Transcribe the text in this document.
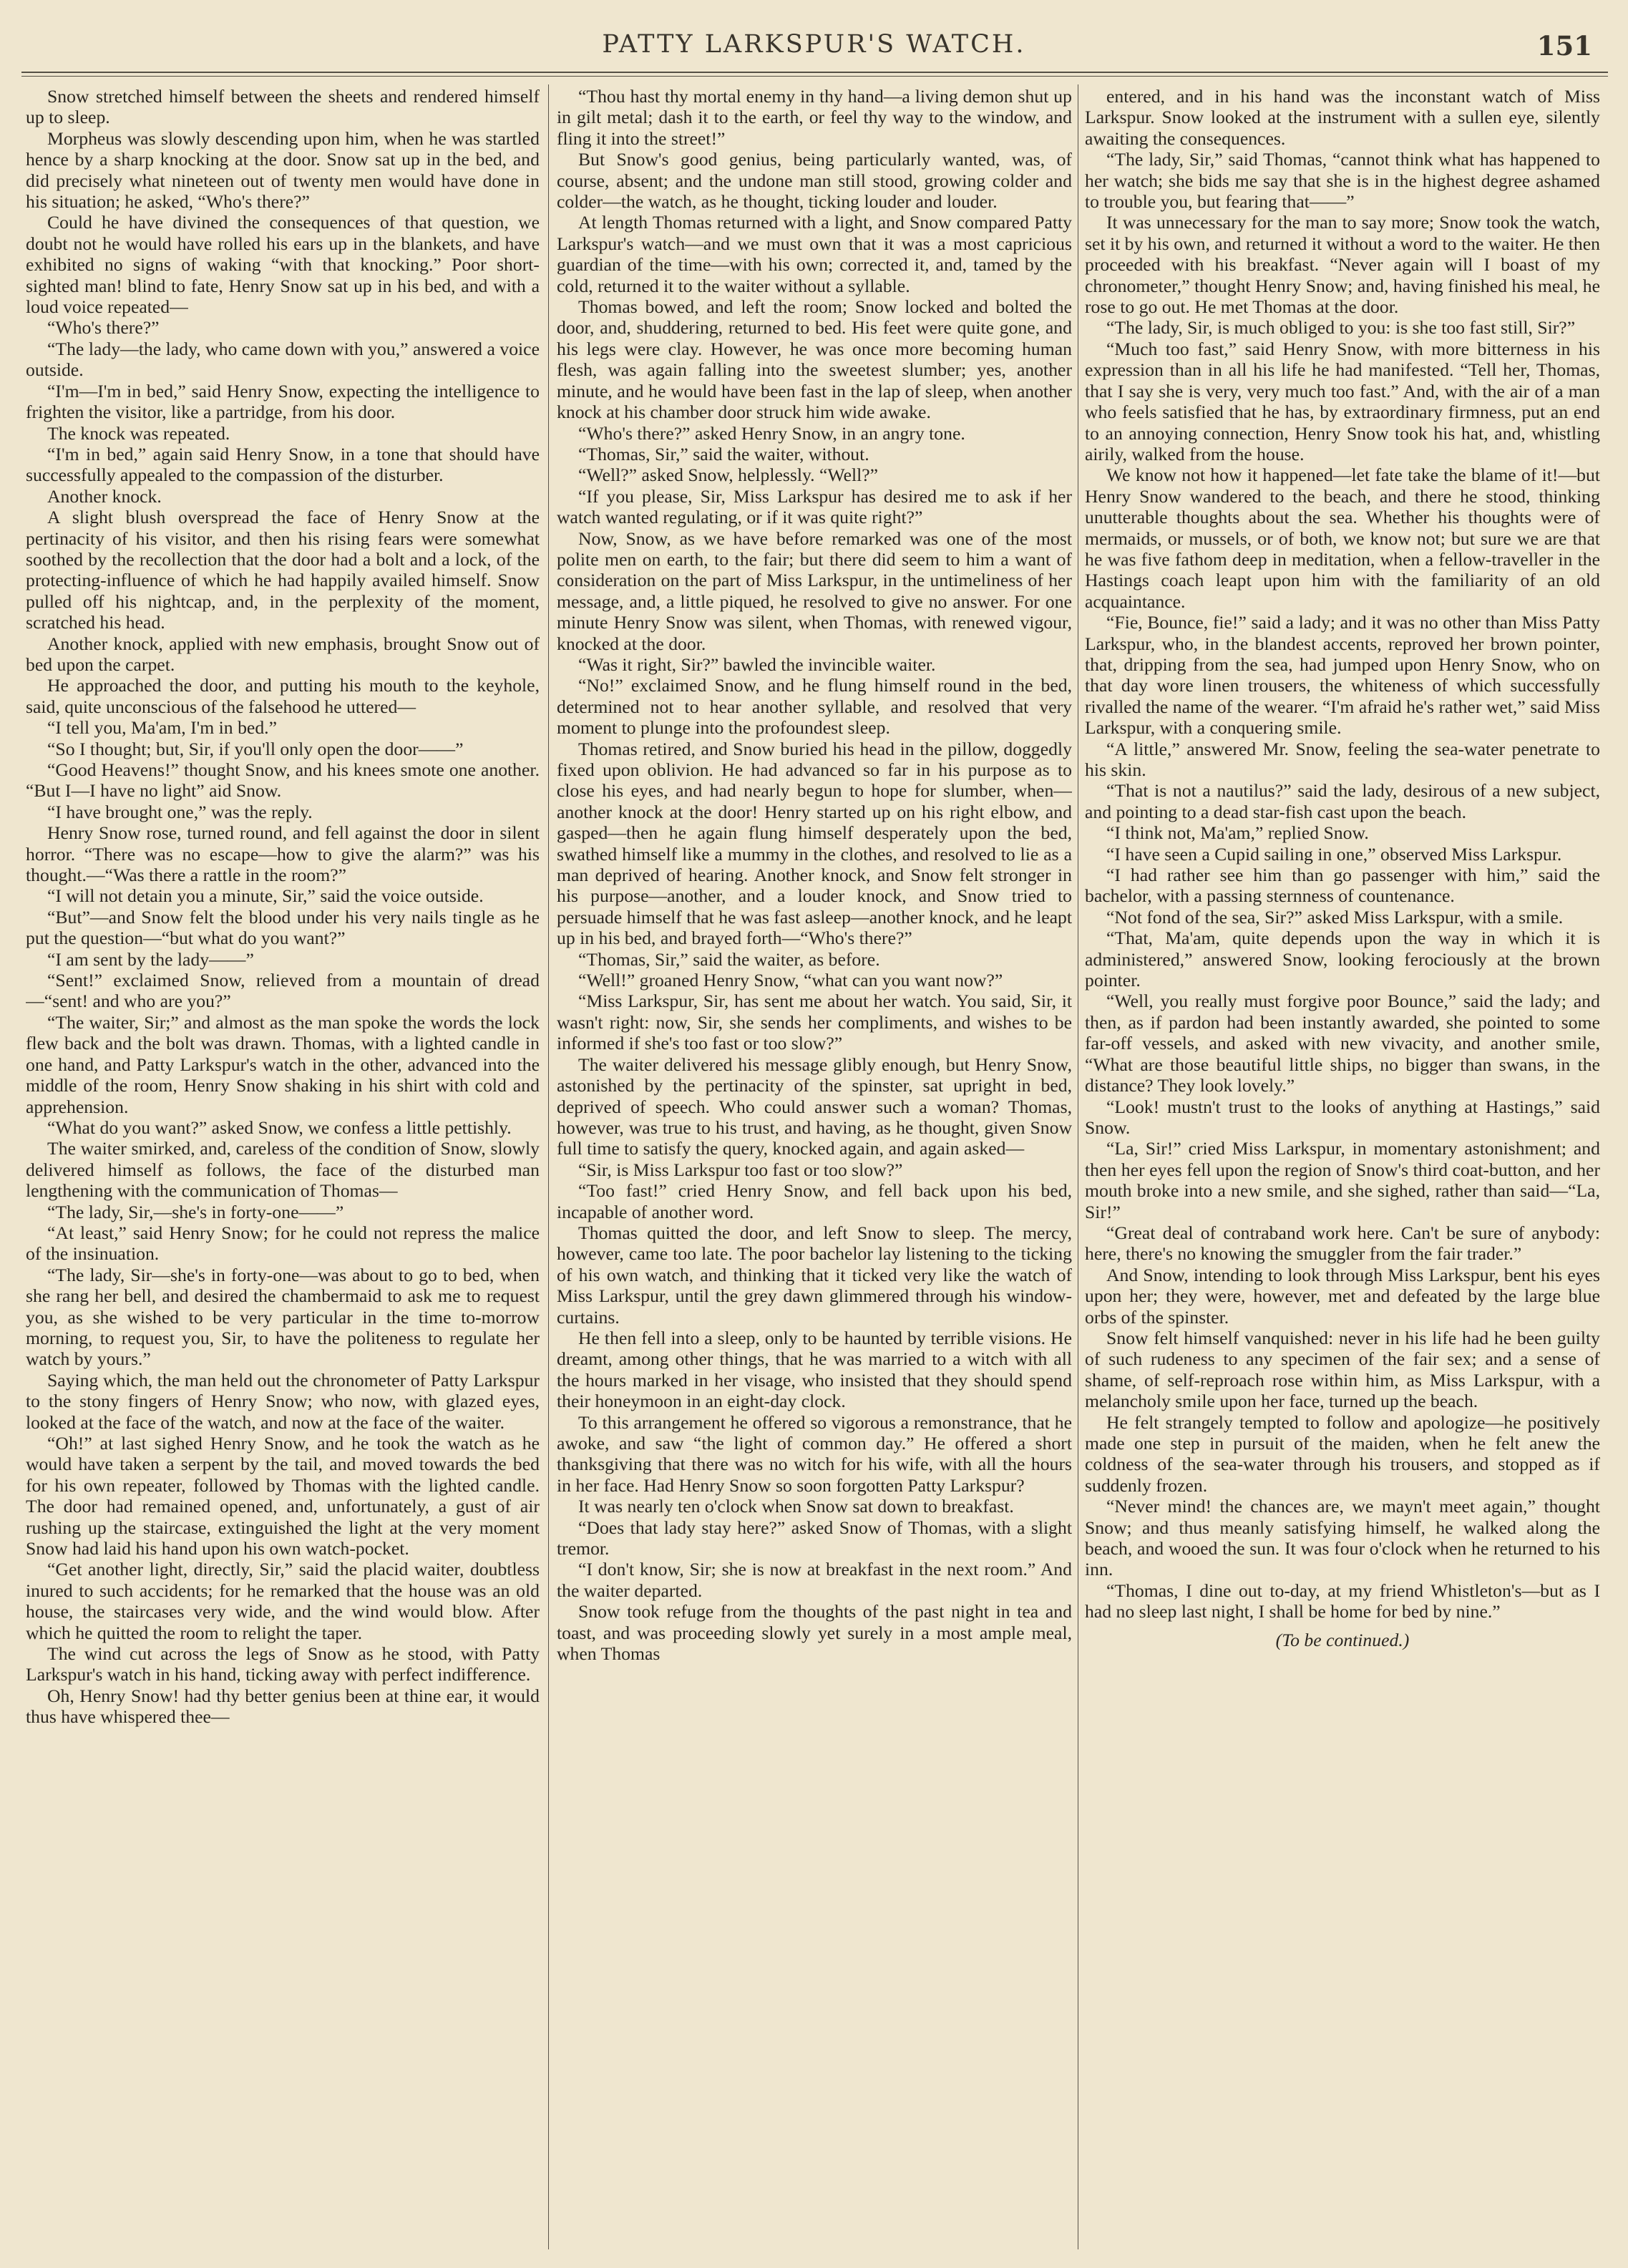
PATTY LARKSPUR'S WATCH.	151

Snow stretched himself between the sheets and rendered himself up to sleep.

Morpheus was slowly descending upon him, when he was startled hence by a sharp knocking at the door. Snow sat up in the bed, and did precisely what nineteen out of twenty men would have done in his situation; he asked, “Who's there?”

Could he have divined the consequences of that question, we doubt not he would have rolled his ears up in the blankets, and have exhibited no signs of waking “with that knocking.” Poor short-sighted man! blind to fate, Henry Snow sat up in his bed, and with a loud voice repeated—

“Who's there?”

“The lady—the lady, who came down with you,” answered a voice outside.

“I'm—I'm in bed,” said Henry Snow, expecting the intelligence to frighten the visitor, like a partridge, from his door.

The knock was repeated.

“I'm in bed,” again said Henry Snow, in a tone that should have successfully appealed to the compassion of the disturber.

Another knock.

A slight blush overspread the face of Henry Snow at the pertinacity of his visitor, and then his rising fears were somewhat soothed by the recollection that the door had a bolt and a lock, of the protecting-influence of which he had happily availed himself. Snow pulled off his nightcap, and, in the perplexity of the moment, scratched his head.

Another knock, applied with new emphasis, brought Snow out of bed upon the carpet.

He approached the door, and putting his mouth to the keyhole, said, quite unconscious of the falsehood he uttered—

“I tell you, Ma'am, I'm in bed.”

“So I thought; but, Sir, if you'll only open the door——”

“Good Heavens!” thought Snow, and his knees smote one another. “But I—I have no light” aid Snow.

“I have brought one,” was the reply.

Henry Snow rose, turned round, and fell against the door in silent horror. “There was no escape—how to give the alarm?” was his thought.—“Was there a rattle in the room?”

“I will not detain you a minute, Sir,” said the voice outside.

“But”—and Snow felt the blood under his very nails tingle as he put the question—“but what do you want?”

“I am sent by the lady——”

“Sent!” exclaimed Snow, relieved from a mountain of dread—“sent! and who are you?”

“The waiter, Sir;” and almost as the man spoke the words the lock flew back and the bolt was drawn. Thomas, with a lighted candle in one hand, and Patty Larkspur's watch in the other, advanced into the middle of the room, Henry Snow shaking in his shirt with cold and apprehension.

“What do you want?” asked Snow, we confess a little pettishly.

The waiter smirked, and, careless of the condition of Snow, slowly delivered himself as follows, the face of the disturbed man lengthening with the communication of Thomas—

“The lady, Sir,—she's in forty-one——”

“At least,” said Henry Snow; for he could not repress the malice of the insinuation.

“The lady, Sir—she's in forty-one—was about to go to bed, when she rang her bell, and desired the chambermaid to ask me to request you, as she wished to be very particular in the time to-morrow morning, to request you, Sir, to have the politeness to regulate her watch by yours.”

Saying which, the man held out the chronometer of Patty Larkspur to the stony fingers of Henry Snow; who now, with glazed eyes, looked at the face of the watch, and now at the face of the waiter.

“Oh!” at last sighed Henry Snow, and he took the watch as he would have taken a serpent by the tail, and moved towards the bed for his own repeater, followed by Thomas with the lighted candle. The door had remained opened, and, unfortunately, a gust of air rushing up the staircase, extinguished the light at the very moment Snow had laid his hand upon his own watch-pocket.

“Get another light, directly, Sir,” said the placid waiter, doubtless inured to such accidents; for he remarked that the house was an old house, the staircases very wide, and the wind would blow. After which he quitted the room to relight the taper.

The wind cut across the legs of Snow as he stood, with Patty Larkspur's watch in his hand, ticking away with perfect indifference.

Oh, Henry Snow! had thy better genius been at thine ear, it would thus have whispered thee—

“Thou hast thy mortal enemy in thy hand—a living demon shut up in gilt metal; dash it to the earth, or feel thy way to the window, and fling it into the street!”

But Snow's good genius, being particularly wanted, was, of course, absent; and the undone man still stood, growing colder and colder—the watch, as he thought, ticking louder and louder.

At length Thomas returned with a light, and Snow compared Patty Larkspur's watch—and we must own that it was a most capricious guardian of the time—with his own; corrected it, and, tamed by the cold, returned it to the waiter without a syllable.

Thomas bowed, and left the room; Snow locked and bolted the door, and, shuddering, returned to bed. His feet were quite gone, and his legs were clay. However, he was once more becoming human flesh, was again falling into the sweetest slumber; yes, another minute, and he would have been fast in the lap of sleep, when another knock at his chamber door struck him wide awake.

“Who's there?” asked Henry Snow, in an angry tone.

“Thomas, Sir,” said the waiter, without.

“Well?” asked Snow, helplessly. “Well?”

“If you please, Sir, Miss Larkspur has desired me to ask if her watch wanted regulating, or if it was quite right?”

Now, Snow, as we have before remarked was one of the most polite men on earth, to the fair; but there did seem to him a want of consideration on the part of Miss Larkspur, in the untimeliness of her message, and, a little piqued, he resolved to give no answer. For one minute Henry Snow was silent, when Thomas, with renewed vigour, knocked at the door.

“Was it right, Sir?” bawled the invincible waiter.

“No!” exclaimed Snow, and he flung himself round in the bed, determined not to hear another syllable, and resolved that very moment to plunge into the profoundest sleep.

Thomas retired, and Snow buried his head in the pillow, doggedly fixed upon oblivion. He had advanced so far in his purpose as to close his eyes, and had nearly begun to hope for slumber, when—another knock at the door! Henry started up on his right elbow, and gasped—then he again flung himself desperately upon the bed, swathed himself like a mummy in the clothes, and resolved to lie as a man deprived of hearing. Another knock, and Snow felt stronger in his purpose—another, and a louder knock, and Snow tried to persuade himself that he was fast asleep—another knock, and he leapt up in his bed, and brayed forth—“Who's there?”

“Thomas, Sir,” said the waiter, as before.

“Well!” groaned Henry Snow, “what can you want now?”

“Miss Larkspur, Sir, has sent me about her watch. You said, Sir, it wasn't right: now, Sir, she sends her compliments, and wishes to be informed if she's too fast or too slow?”

The waiter delivered his message glibly enough, but Henry Snow, astonished by the pertinacity of the spinster, sat upright in bed, deprived of speech. Who could answer such a woman? Thomas, however, was true to his trust, and having, as he thought, given Snow full time to satisfy the query, knocked again, and again asked—

“Sir, is Miss Larkspur too fast or too slow?”

“Too fast!” cried Henry Snow, and fell back upon his bed, incapable of another word.

Thomas quitted the door, and left Snow to sleep. The mercy, however, came too late. The poor bachelor lay listening to the ticking of his own watch, and thinking that it ticked very like the watch of Miss Larkspur, until the grey dawn glimmered through his window-curtains.

He then fell into a sleep, only to be haunted by terrible visions. He dreamt, among other things, that he was married to a witch with all the hours marked in her visage, who insisted that they should spend their honeymoon in an eight-day clock.

To this arrangement he offered so vigorous a remonstrance, that he awoke, and saw “the light of common day.” He offered a short thanksgiving that there was no witch for his wife, with all the hours in her face. Had Henry Snow so soon forgotten Patty Larkspur?

It was nearly ten o'clock when Snow sat down to breakfast.

“Does that lady stay here?” asked Snow of Thomas, with a slight tremor.

“I don't know, Sir; she is now at breakfast in the next room.” And the waiter departed.

Snow took refuge from the thoughts of the past night in tea and toast, and was proceeding slowly yet surely in a most ample meal, when Thomas

entered, and in his hand was the inconstant watch of Miss Larkspur. Snow looked at the instrument with a sullen eye, silently awaiting the consequences.

“The lady, Sir,” said Thomas, “cannot think what has happened to her watch; she bids me say that she is in the highest degree ashamed to trouble you, but fearing that——”

It was unnecessary for the man to say more; Snow took the watch, set it by his own, and returned it without a word to the waiter. He then proceeded with his breakfast. “Never again will I boast of my chronometer,” thought Henry Snow; and, having finished his meal, he rose to go out. He met Thomas at the door.

“The lady, Sir, is much obliged to you: is she too fast still, Sir?”

“Much too fast,” said Henry Snow, with more bitterness in his expression than in all his life he had manifested. “Tell her, Thomas, that I say she is very, very much too fast.” And, with the air of a man who feels satisfied that he has, by extraordinary firmness, put an end to an annoying connection, Henry Snow took his hat, and, whistling airily, walked from the house.

We know not how it happened—let fate take the blame of it!—but Henry Snow wandered to the beach, and there he stood, thinking unutterable thoughts about the sea. Whether his thoughts were of mermaids, or mussels, or of both, we know not; but sure we are that he was five fathom deep in meditation, when a fellow-traveller in the Hastings coach leapt upon him with the familiarity of an old acquaintance.

“Fie, Bounce, fie!” said a lady; and it was no other than Miss Patty Larkspur, who, in the blandest accents, reproved her brown pointer, that, dripping from the sea, had jumped upon Henry Snow, who on that day wore linen trousers, the whiteness of which successfully rivalled the name of the wearer. “I'm afraid he's rather wet,” said Miss Larkspur, with a conquering smile.

“A little,” answered Mr. Snow, feeling the sea-water penetrate to his skin.

“That is not a nautilus?” said the lady, desirous of a new subject, and pointing to a dead star-fish cast upon the beach.

“I think not, Ma'am,” replied Snow.

“I have seen a Cupid sailing in one,” observed Miss Larkspur.

“I had rather see him than go passenger with him,” said the bachelor, with a passing sternness of countenance.

“Not fond of the sea, Sir?” asked Miss Larkspur, with a smile.

“That, Ma'am, quite depends upon the way in which it is administered,” answered Snow, looking ferociously at the brown pointer.

“Well, you really must forgive poor Bounce,” said the lady; and then, as if pardon had been instantly awarded, she pointed to some far-off vessels, and asked with new vivacity, and another smile, “What are those beautiful little ships, no bigger than swans, in the distance? They look lovely.”

“Look! mustn't trust to the looks of anything at Hastings,” said Snow.

“La, Sir!” cried Miss Larkspur, in momentary astonishment; and then her eyes fell upon the region of Snow's third coat-button, and her mouth broke into a new smile, and she sighed, rather than said—“La, Sir!”

“Great deal of contraband work here. Can't be sure of anybody: here, there's no knowing the smuggler from the fair trader.”

And Snow, intending to look through Miss Larkspur, bent his eyes upon her; they were, however, met and defeated by the large blue orbs of the spinster.

Snow felt himself vanquished: never in his life had he been guilty of such rudeness to any specimen of the fair sex; and a sense of shame, of self-reproach rose within him, as Miss Larkspur, with a melancholy smile upon her face, turned up the beach.

He felt strangely tempted to follow and apologize—he positively made one step in pursuit of the maiden, when he felt anew the coldness of the sea-water through his trousers, and stopped as if suddenly frozen.

“Never mind! the chances are, we mayn't meet again,” thought Snow; and thus meanly satisfying himself, he walked along the beach, and wooed the sun. It was four o'clock when he returned to his inn.

“Thomas, I dine out to-day, at my friend Whistleton's—but as I had no sleep last night, I shall be home for bed by nine.”

(To be continued.)
